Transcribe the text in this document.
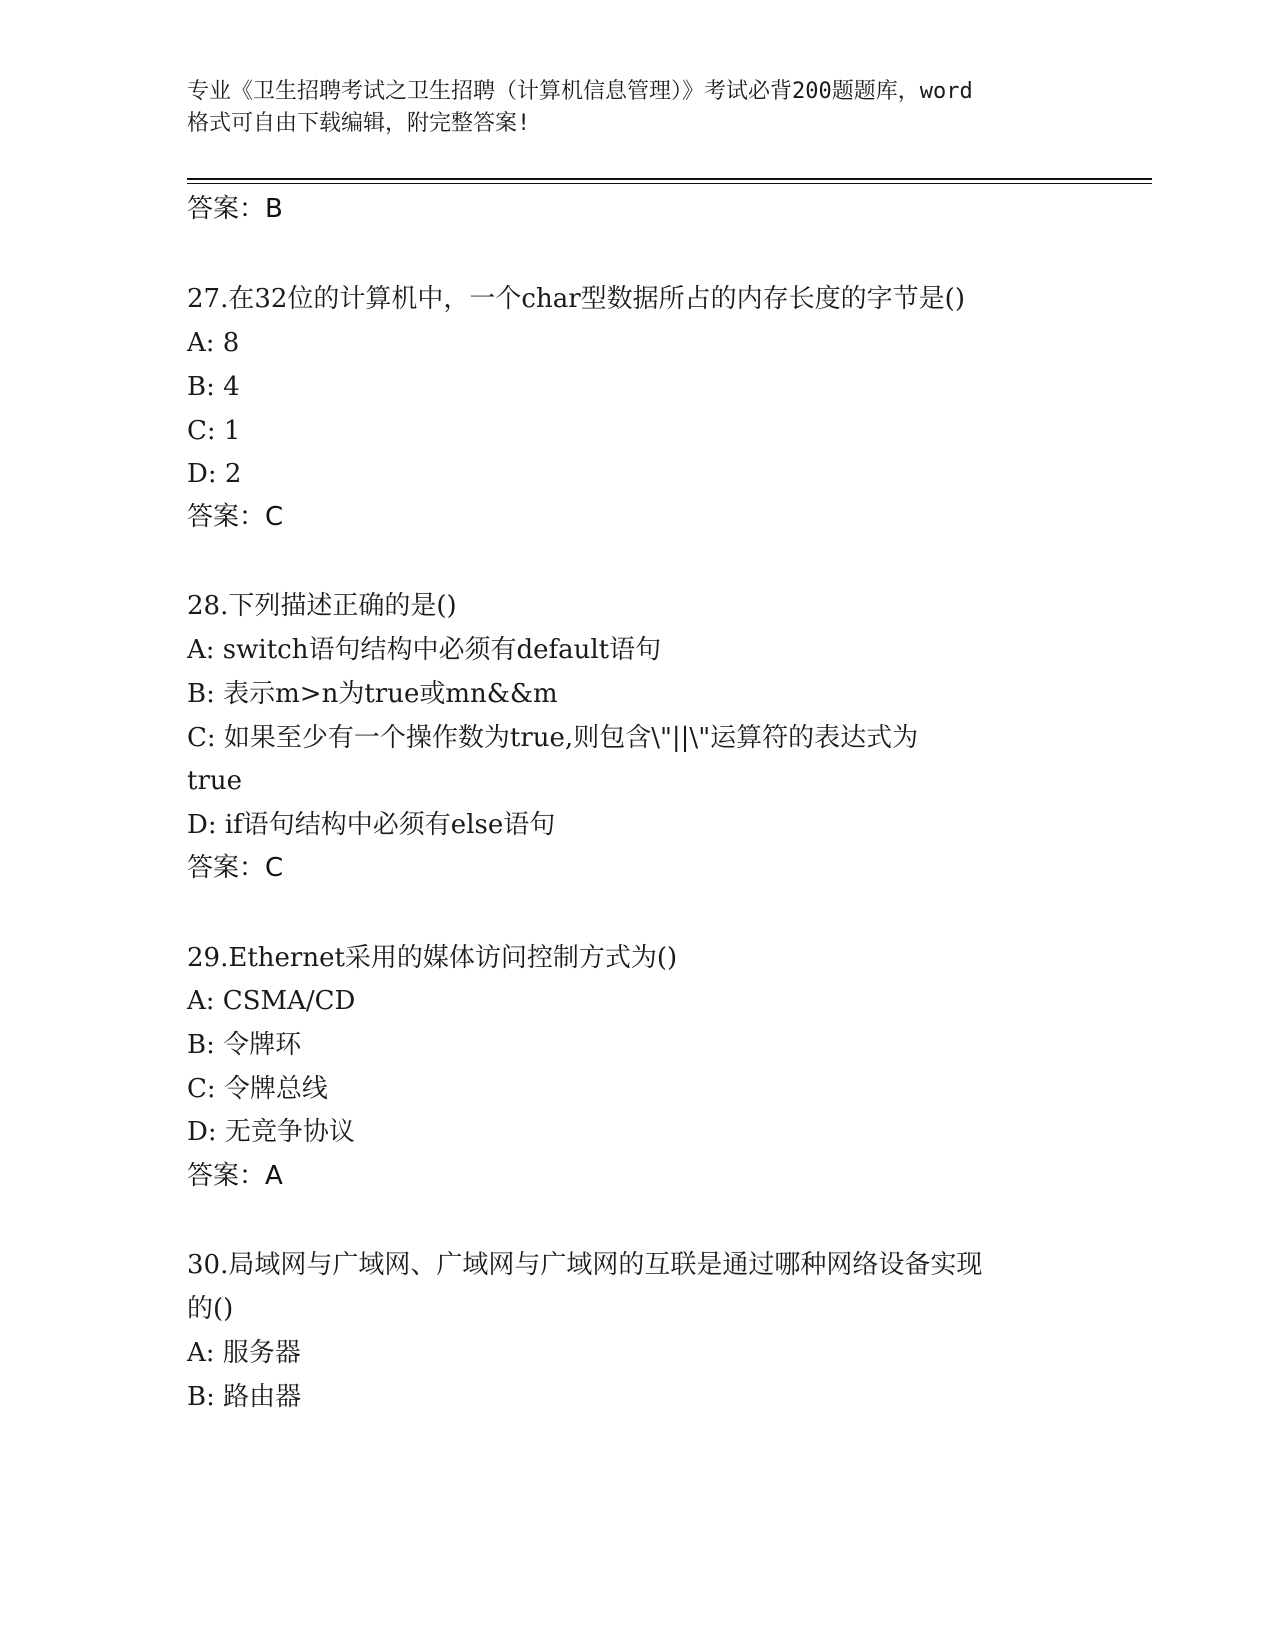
专业《卫生招聘考试之卫生招聘（计算机信息管理）》考试必背200题题库，word
格式可自由下载编辑，附完整答案!
答案：B
27.在32位的计算机中，一个char型数据所占的内存长度的字节是()
A: 8
B: 4
C: 1
D: 2
答案：C
28.下列描述正确的是()
A: switch语句结构中必须有default语句
B: 表示m>n为true或mn&&m
C: 如果至少有一个操作数为true,则包含\"||\"运算符的表达式为
true
D: if语句结构中必须有else语句
答案：C
29.Ethernet采用的媒体访问控制方式为()
A: CSMA/CD
B: 令牌环
C: 令牌总线
D: 无竞争协议
答案：A
30.局域网与广域网、广域网与广域网的互联是通过哪种网络设备实现
的()
A: 服务器
B: 路由器
